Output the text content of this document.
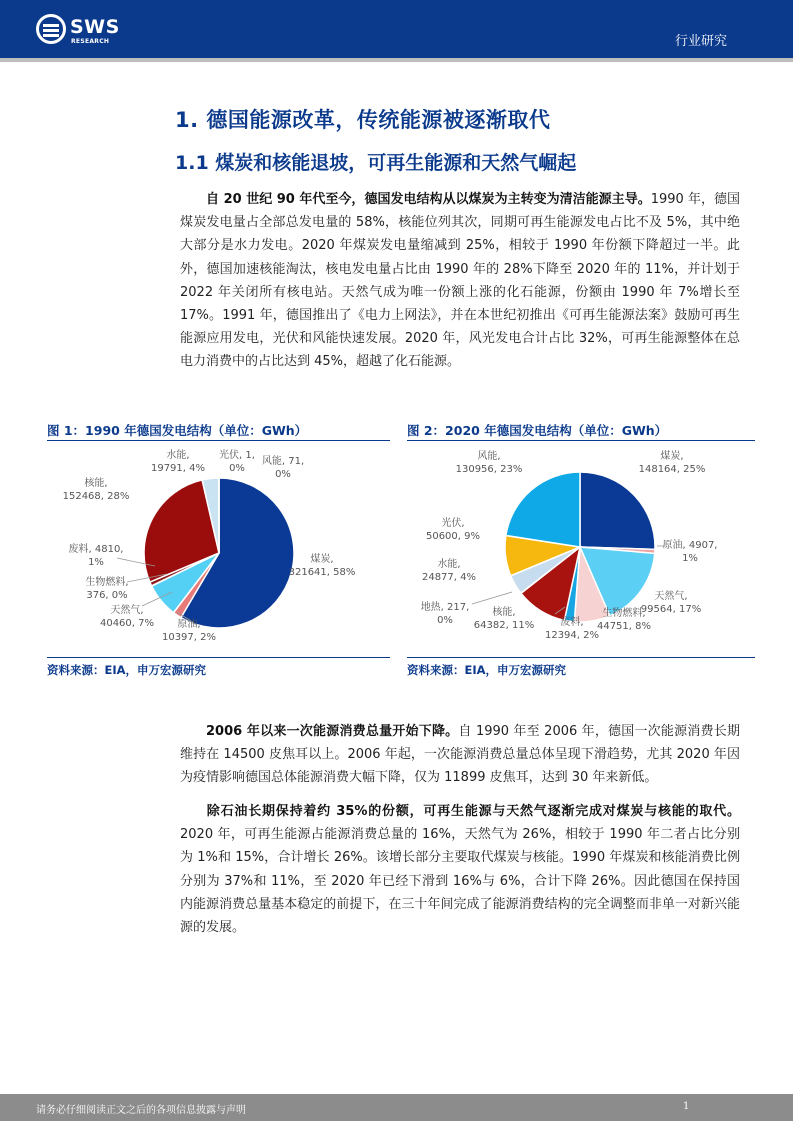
SWS
RESEARCH	行业研究
1. 德国能源改革，传统能源被逐渐取代
1.1 煤炭和核能退坡，可再生能源和天然气崛起
自 20 世纪 90 年代至今，德国发电结构从以煤炭为主转变为清洁能源主导。1990 年，德国煤炭发电量占全部总发电量的 58%，核能位列其次，同期可再生能源发电占比不及 5%，其中绝大部分是水力发电。2020 年煤炭发电量缩减到 25%，相较于 1990 年份额下降超过一半。此外，德国加速核能淘汰，核电发电量占比由 1990 年的 28%下降至 2020 年的 11%，并计划于2022 年关闭所有核电站。天然气成为唯一份额上涨的化石能源，份额由 1990 年 7%增长至 17%。1991 年，德国推出了《电力上网法》，并在本世纪初推出《可再生能源法案》鼓励可再生能源应用发电，光伏和风能快速发展。2020 年，风光发电合计占比 32%，可再生能源整体在总电力消费中的占比达到 45%，超越了化石能源。
图 1：1990 年德国发电结构（单位：GWh）
煤炭, 321641, 58%
原油, 10397, 2%
天然气, 40460, 7%
生物燃料, 376, 0%
废料, 4810, 1%
核能, 152468, 28%
水能, 19791, 4%
光伏, 1, 0%
风能, 71, 0%
资料来源：EIA，申万宏源研究
图 2：2020 年德国发电结构（单位：GWh）
煤炭, 148164, 25%
原油, 4907, 1%
天然气, 99564, 17%
生物燃料, 44751, 8%
废料, 12394, 2%
核能, 64382, 11%
地热, 217, 0%
水能, 24877, 4%
光伏, 50600, 9%
风能, 130956, 23%
资料来源：EIA，申万宏源研究
2006 年以来一次能源消费总量开始下降。自 1990 年至 2006 年，德国一次能源消费长期维持在 14500 皮焦耳以上。2006 年起，一次能源消费总量总体呈现下滑趋势，尤其 2020 年因为疫情影响德国总体能源消费大幅下降，仅为 11899 皮焦耳，达到 30 年来新低。
除石油长期保持着约 35%的份额，可再生能源与天然气逐渐完成对煤炭与核能的取代。2020 年，可再生能源占能源消费总量的 16%，天然气为 26%，相较于 1990 年二者占比分别为 1%和 15%，合计增长 26%。该增长部分主要取代煤炭与核能。1990 年煤炭和核能消费比例分别为 37%和 11%，至 2020 年已经下滑到 16%与 6%，合计下降 26%。因此德国在保持国内能源消费总量基本稳定的前提下，在三十年间完成了能源消费结构的完全调整而非单一对新兴能源的发展。
请务必仔细阅读正文之后的各项信息披露与声明	1
